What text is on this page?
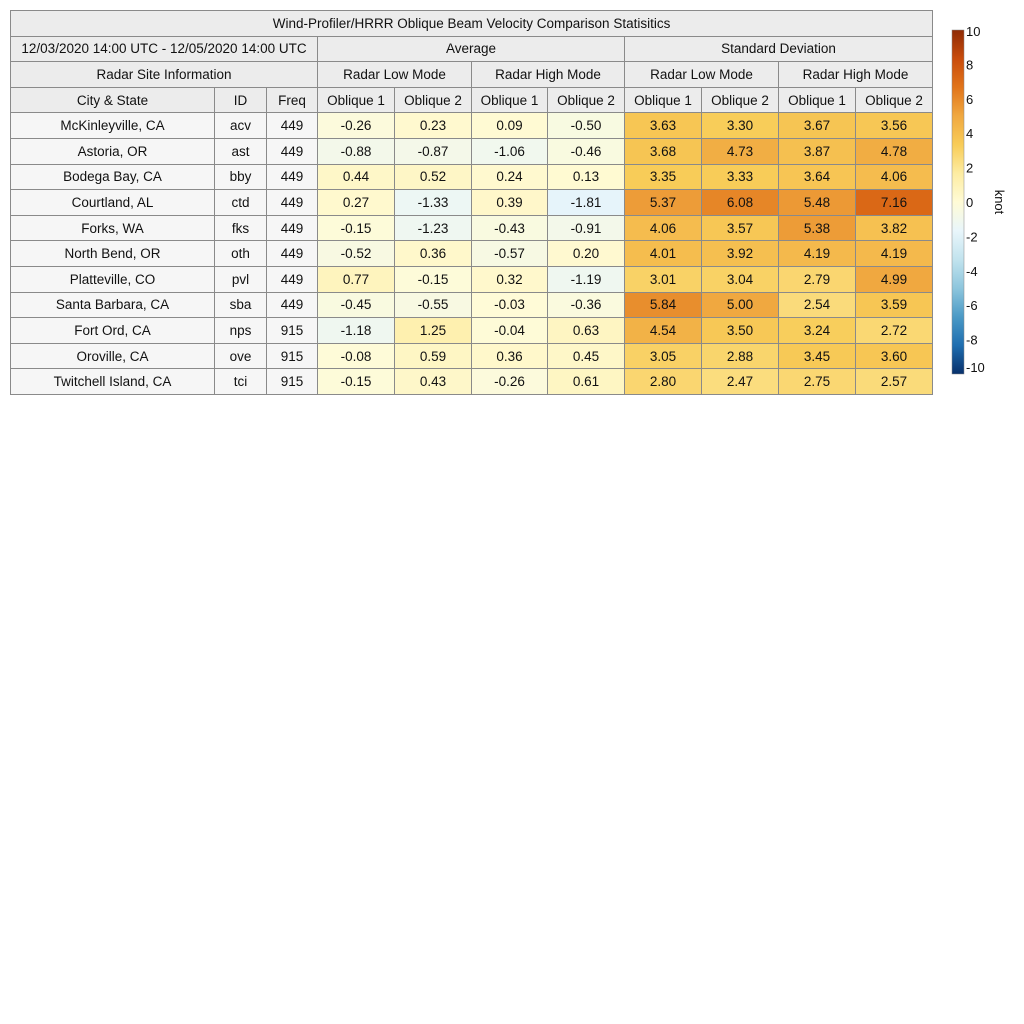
Wind-Profiler/HRRR Oblique Beam Velocity Comparison Statisitics										
12/03/2020 14:00 UTC - 12/05/2020 14:00 UTC			Average				Standard Deviation			
Radar Site Information			Radar Low Mode		Radar High Mode		Radar Low Mode		Radar High Mode	
City & State	ID	Freq	Oblique 1	Oblique 2	Oblique 1	Oblique 2	Oblique 1	Oblique 2	Oblique 1	Oblique 2
McKinleyville, CA	acv	449	-0.26	0.23	0.09	-0.50	3.63	3.30	3.67	3.56
Astoria, OR	ast	449	-0.88	-0.87	-1.06	-0.46	3.68	4.73	3.87	4.78
Bodega Bay, CA	bby	449	0.44	0.52	0.24	0.13	3.35	3.33	3.64	4.06
Courtland, AL	ctd	449	0.27	-1.33	0.39	-1.81	5.37	6.08	5.48	7.16
Forks, WA	fks	449	-0.15	-1.23	-0.43	-0.91	4.06	3.57	5.38	3.82
North Bend, OR	oth	449	-0.52	0.36	-0.57	0.20	4.01	3.92	4.19	4.19
Platteville, CO	pvl	449	0.77	-0.15	0.32	-1.19	3.01	3.04	2.79	4.99
Santa Barbara, CA	sba	449	-0.45	-0.55	-0.03	-0.36	5.84	5.00	2.54	3.59
Fort Ord, CA	nps	915	-1.18	1.25	-0.04	0.63	4.54	3.50	3.24	2.72
Oroville, CA	ove	915	-0.08	0.59	0.36	0.45	3.05	2.88	3.45	3.60
Twitchell Island, CA	tci	915	-0.15	0.43	-0.26	0.61	2.80	2.47	2.75	2.57
10
8
6
4
2
0
-2
-4
-6
-8
-10
knot
